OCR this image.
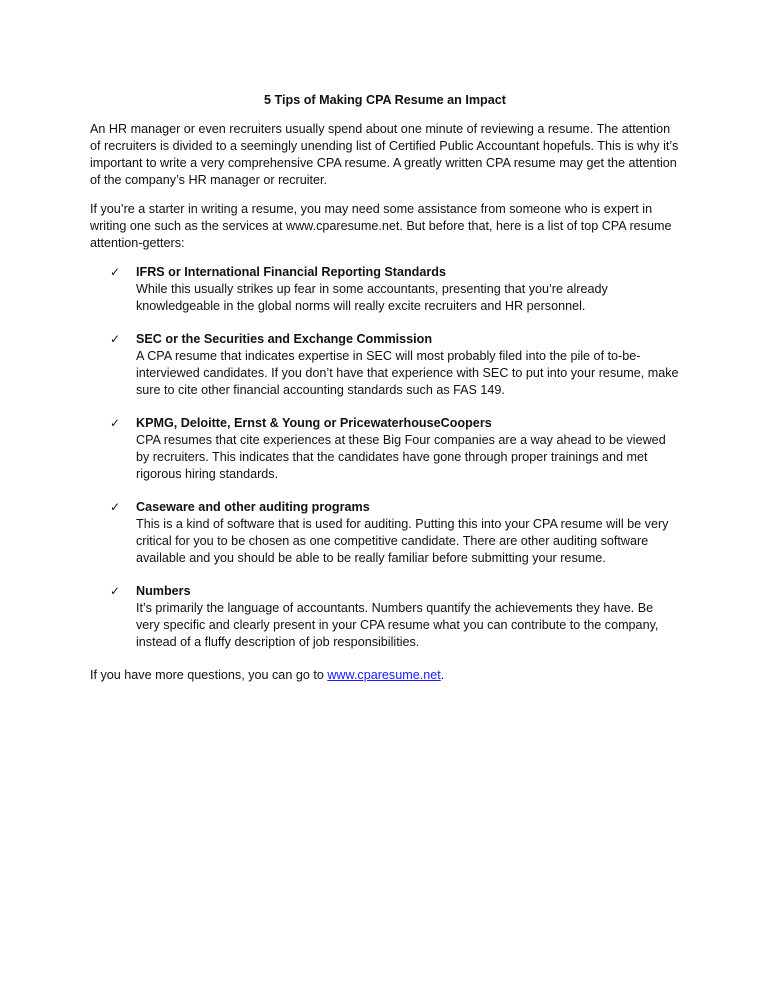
5 Tips of Making CPA Resume an Impact

An HR manager or even recruiters usually spend about one minute of reviewing a resume. The attention of recruiters is divided to a seemingly unending list of Certified Public Accountant hopefuls. This is why it’s important to write a very comprehensive CPA resume. A greatly written CPA resume may get the attention of the company’s HR manager or recruiter.

If you’re a starter in writing a resume, you may need some assistance from someone who is expert in writing one such as the services at www.cparesume.net. But before that, here is a list of top CPA resume attention-getters:

✓ IFRS or International Financial Reporting Standards
While this usually strikes up fear in some accountants, presenting that you’re already knowledgeable in the global norms will really excite recruiters and HR personnel.
✓ SEC or the Securities and Exchange Commission
A CPA resume that indicates expertise in SEC will most probably filed into the pile of to-be-interviewed candidates. If you don’t have that experience with SEC to put into your resume, make sure to cite other financial accounting standards such as FAS 149.
✓ KPMG, Deloitte, Ernst & Young or PricewaterhouseCoopers
CPA resumes that cite experiences at these Big Four companies are a way ahead to be viewed by recruiters. This indicates that the candidates have gone through proper trainings and met rigorous hiring standards.
✓ Caseware and other auditing programs
This is a kind of software that is used for auditing. Putting this into your CPA resume will be very critical for you to be chosen as one competitive candidate. There are other auditing software available and you should be able to be really familiar before submitting your resume.
✓ Numbers
It’s primarily the language of accountants. Numbers quantify the achievements they have. Be very specific and clearly present in your CPA resume what you can contribute to the company, instead of a fluffy description of job responsibilities.

If you have more questions, you can go to www.cparesume.net.
